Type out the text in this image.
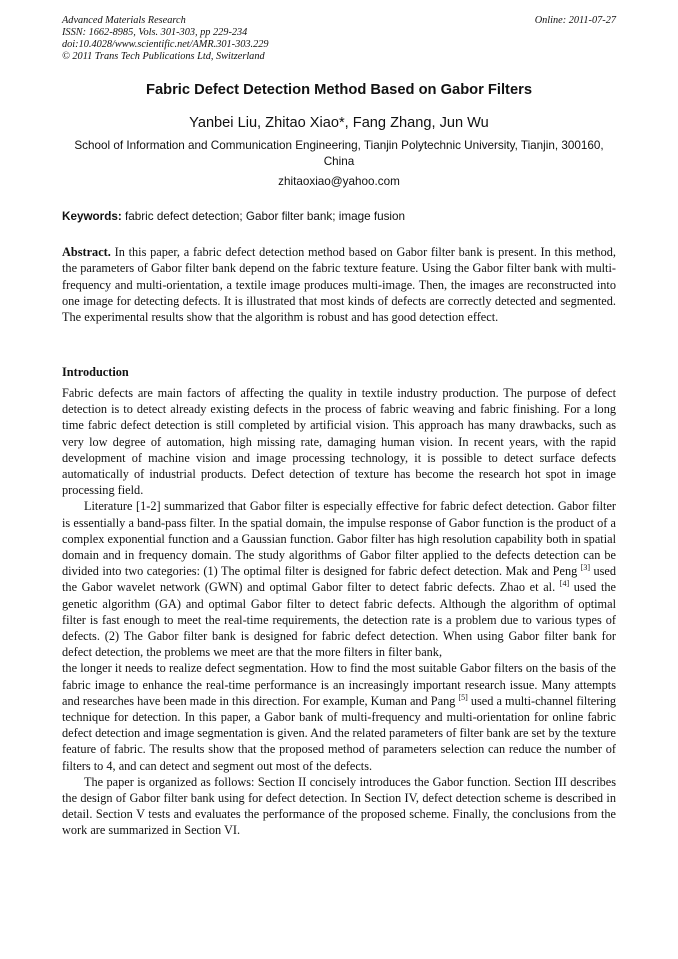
Advanced Materials Research
ISSN: 1662-8985, Vols. 301-303, pp 229-234
doi:10.4028/www.scientific.net/AMR.301-303.229
© 2011 Trans Tech Publications Ltd, Switzerland
Online: 2011-07-27
Fabric Defect Detection Method Based on Gabor Filters
Yanbei Liu, Zhitao Xiao*, Fang Zhang, Jun Wu
School of Information and Communication Engineering, Tianjin Polytechnic University, Tianjin, 300160, China
zhitaoxiao@yahoo.com
Keywords: fabric defect detection; Gabor filter bank; image fusion

Abstract. In this paper, a fabric defect detection method based on Gabor filter bank is present. In this method, the parameters of Gabor filter bank depend on the fabric texture feature. Using the Gabor filter bank with multi-frequency and multi-orientation, a textile image produces multi-image. Then, the images are reconstructed into one image for detecting defects. It is illustrated that most kinds of defects are correctly detected and segmented. The experimental results show that the algorithm is robust and has good detection effect.

Introduction

Fabric defects are main factors of affecting the quality in textile industry production. The purpose of defect detection is to detect already existing defects in the process of fabric weaving and fabric finishing. For a long time fabric defect detection is still completed by artificial vision. This approach has many drawbacks, such as very low degree of automation, high missing rate, damaging human vision. In recent years, with the rapid development of machine vision and image processing technology, it is possible to detect surface defects automatically of industrial products. Defect detection of texture has become the research hot spot in image processing field.

Literature [1-2] summarized that Gabor filter is especially effective for fabric defect detection. Gabor filter is essentially a band-pass filter. In the spatial domain, the impulse response of Gabor function is the product of a complex exponential function and a Gaussian function. Gabor filter has high resolution capability both in spatial domain and in frequency domain. The study algorithms of Gabor filter applied to the defects detection can be divided into two categories: (1) The optimal filter is designed for fabric defect detection. Mak and Peng [3] used the Gabor wavelet network (GWN) and optimal Gabor filter to detect fabric defects. Zhao et al. [4] used the genetic algorithm (GA) and optimal Gabor filter to detect fabric defects. Although the algorithm of optimal filter is fast enough to meet the real-time requirements, the detection rate is a problem due to various types of defects. (2) The Gabor filter bank is designed for fabric defect detection. When using Gabor filter bank for defect detection, the problems we meet are that the more filters in filter bank,

the longer it needs to realize defect segmentation. How to find the most suitable Gabor filters on the basis of the fabric image to enhance the real-time performance is an increasingly important research issue. Many attempts and researches have been made in this direction. For example, Kuman and Pang [5] used a multi-channel filtering technique for detection. In this paper, a Gabor bank of multi-frequency and multi-orientation for online fabric defect detection and image segmentation is given. And the related parameters of filter bank are set by the texture feature of fabric. The results show that the proposed method of parameters selection can reduce the number of filters to 4, and can detect and segment out most of the defects.

The paper is organized as follows: Section II concisely introduces the Gabor function. Section III describes the design of Gabor filter bank using for defect detection. In Section IV, defect detection scheme is described in detail. Section V tests and evaluates the performance of the proposed scheme. Finally, the conclusions from the work are summarized in Section VI.
